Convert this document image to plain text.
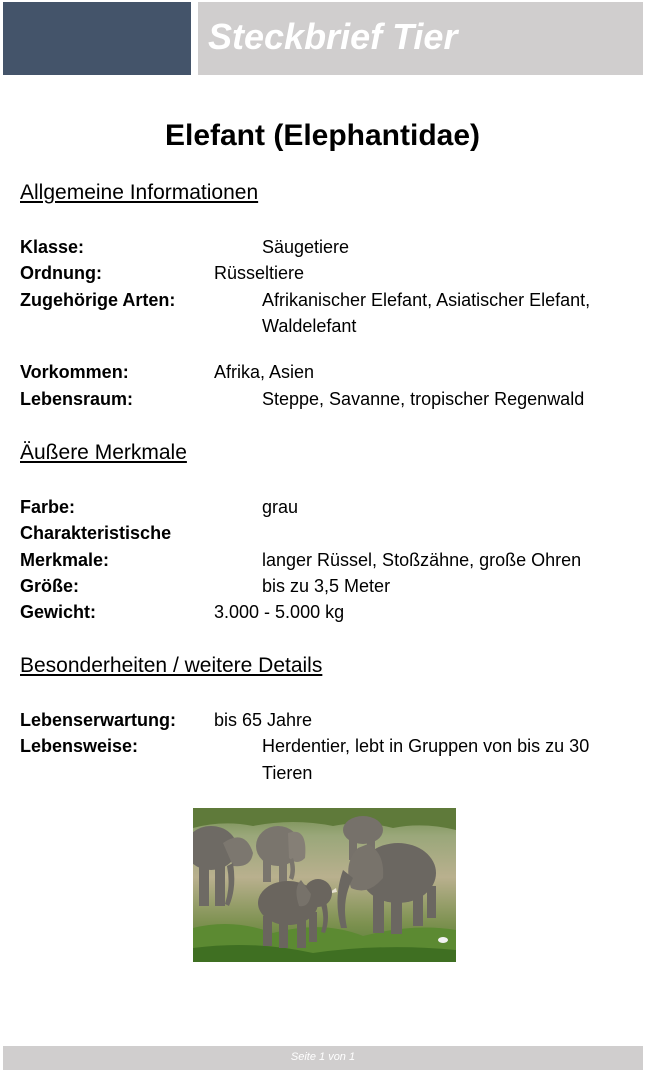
Steckbrief Tier
Elefant (Elephantidae)
Allgemeine Informationen
Klasse:	Säugetiere
Ordnung:	Rüsseltiere
Zugehörige Arten:	Afrikanischer Elefant, Asiatischer Elefant,
Waldelefant
Vorkommen:	Afrika, Asien
Lebensraum:	Steppe, Savanne, tropischer Regenwald
Äußere Merkmale
Farbe:	grau
Charakteristische
Merkmale:	langer Rüssel, Stoßzähne, große Ohren
Größe:	bis zu 3,5 Meter
Gewicht:	3.000 - 5.000 kg
Besonderheiten / weitere Details
Lebenserwartung: bis 65 Jahre
Lebensweise:	Herdentier, lebt in Gruppen von bis zu 30
Tieren
Seite 1 von 1
